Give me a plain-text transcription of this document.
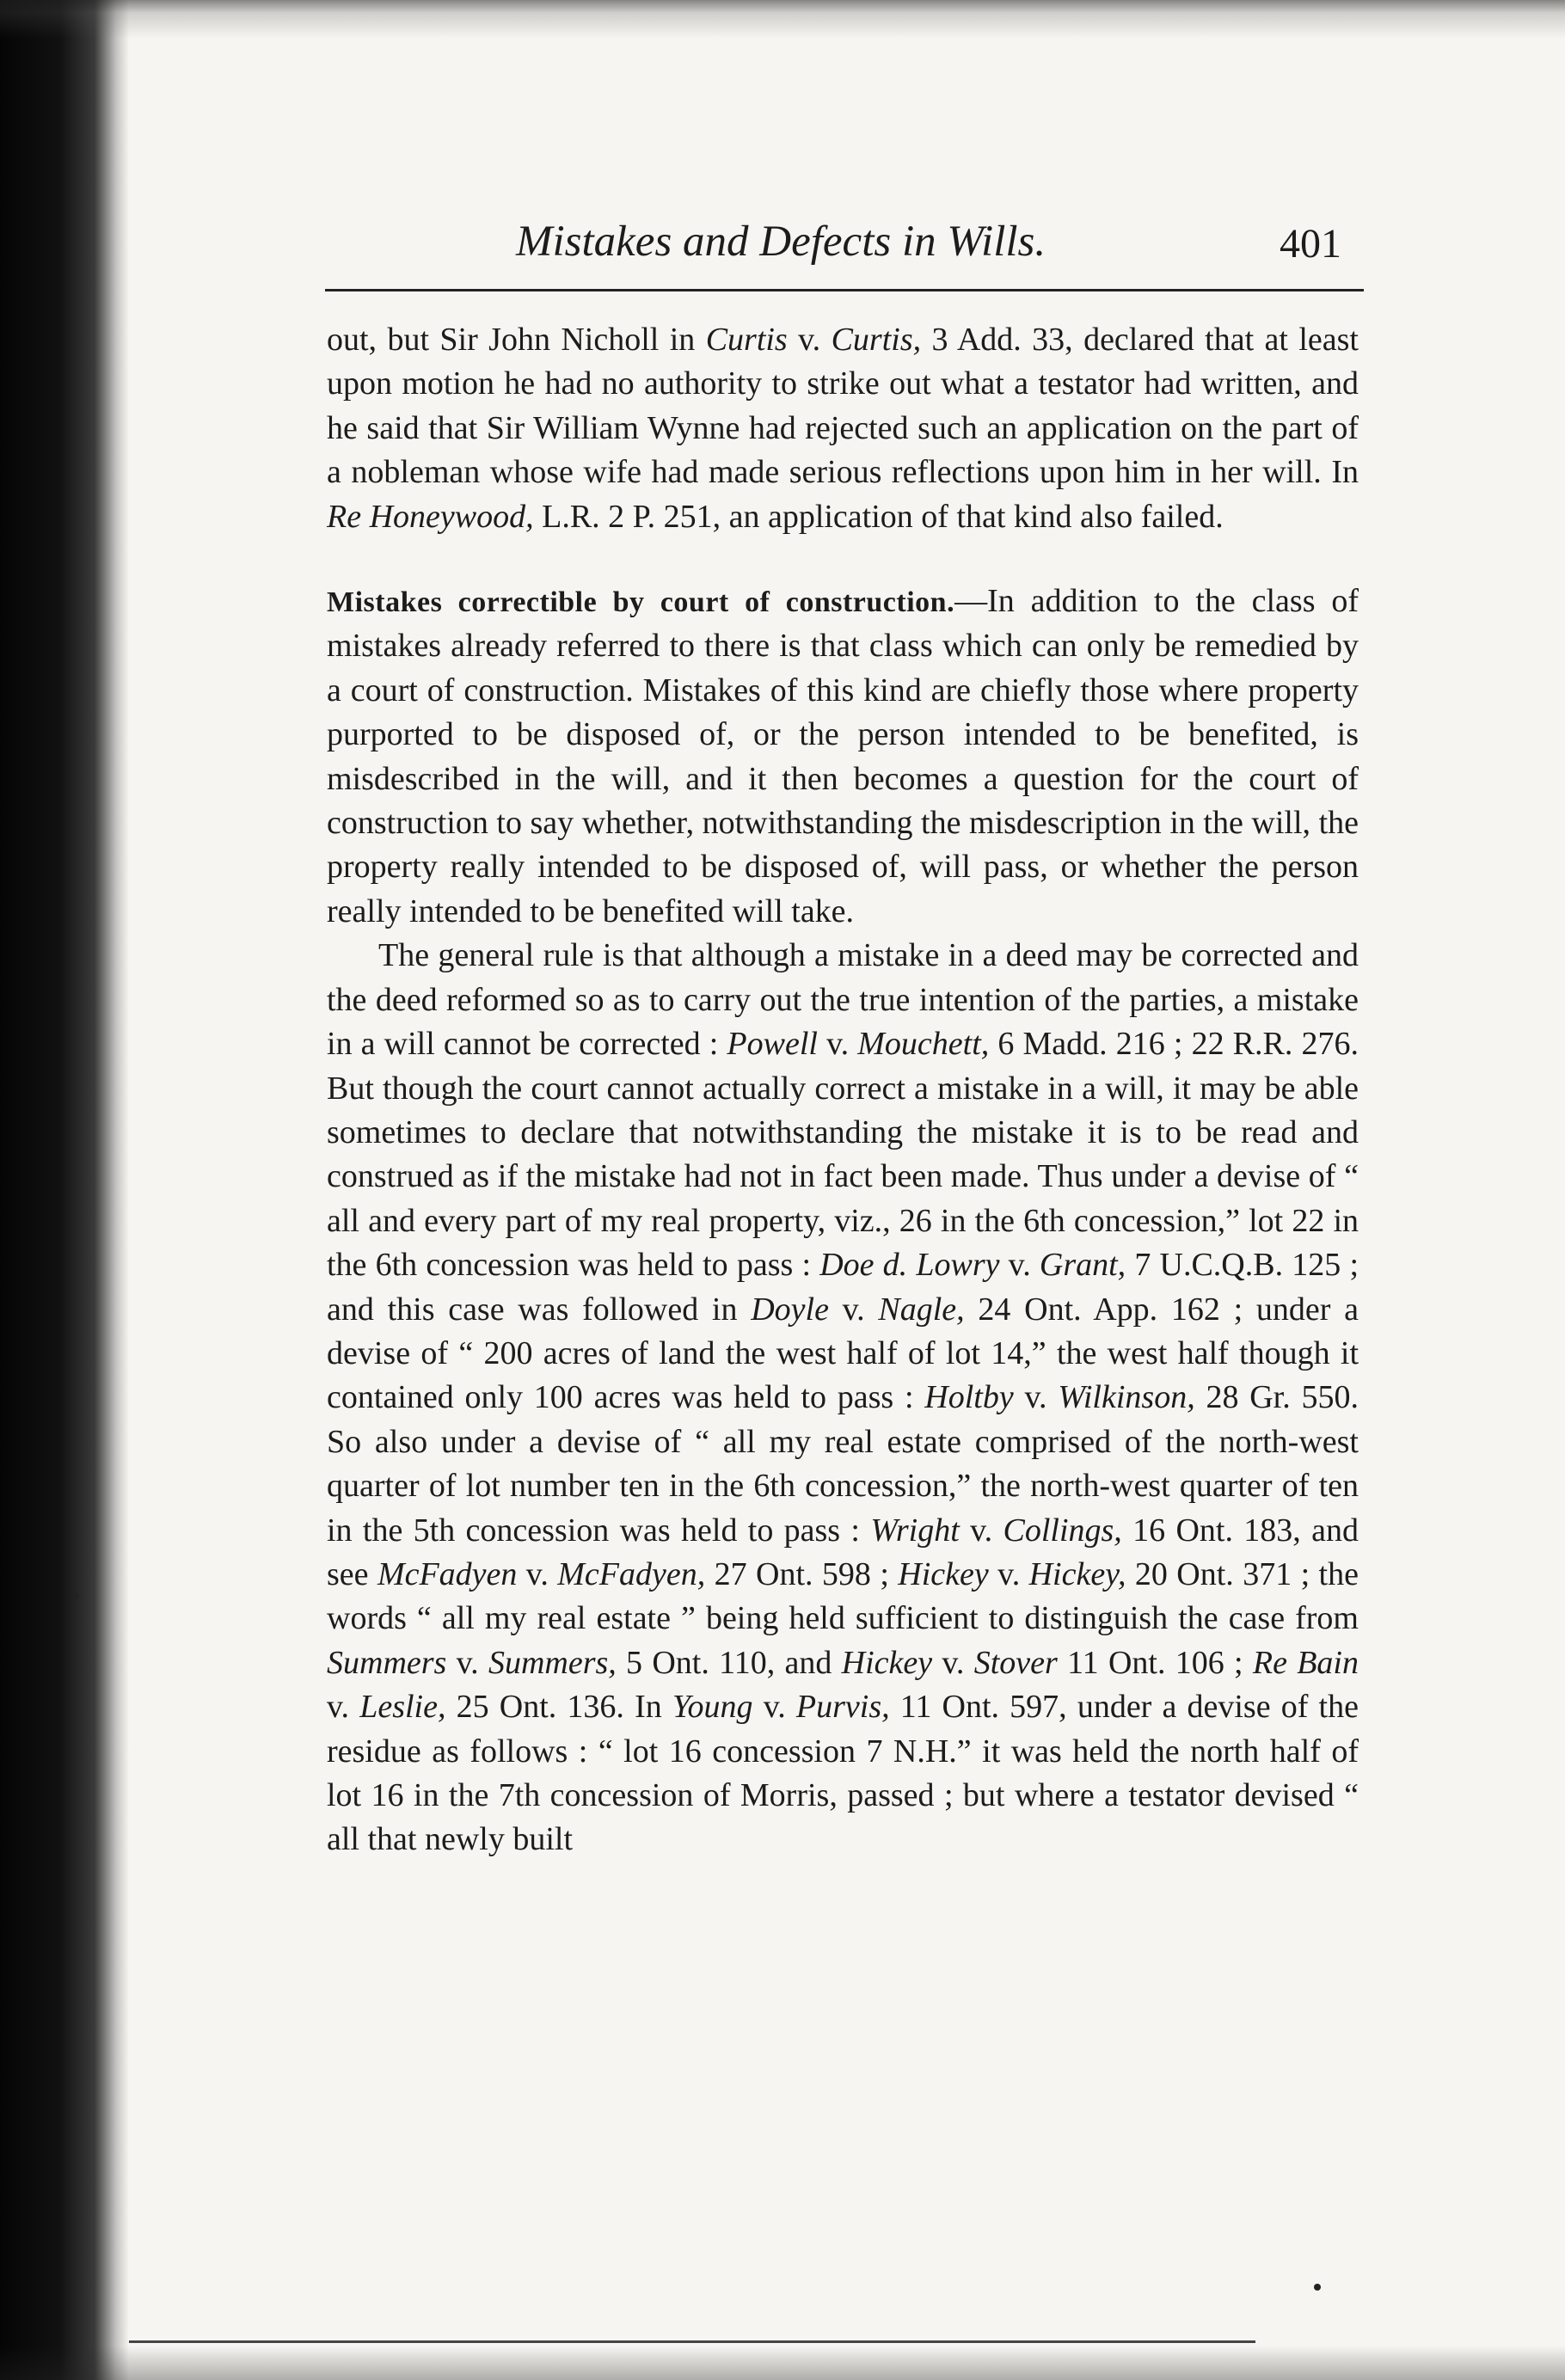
Mistakes and Defects in Wills.	401

out, but Sir John Nicholl in Curtis v. Curtis, 3 Add. 33, declared that at least upon motion he had no authority to strike out what a testator had written, and he said that Sir William Wynne had rejected such an application on the part of a nobleman whose wife had made serious reflections upon him in her will. In Re Honeywood, L.R. 2 P. 251, an application of that kind also failed.

Mistakes correctible by court of construction.—In addition to the class of mistakes already referred to there is that class which can only be remedied by a court of construction. Mistakes of this kind are chiefly those where property purported to be disposed of, or the person intended to be benefited, is misdescribed in the will, and it then becomes a question for the court of construction to say whether, notwithstanding the misdescription in the will, the property really intended to be disposed of, will pass, or whether the person really intended to be benefited will take.

The general rule is that although a mistake in a deed may be corrected and the deed reformed so as to carry out the true intention of the parties, a mistake in a will cannot be corrected : Powell v. Mouchett, 6 Madd. 216 ; 22 R.R. 276. But though the court cannot actually correct a mistake in a will, it may be able sometimes to declare that notwithstanding the mistake it is to be read and construed as if the mistake had not in fact been made. Thus under a devise of “ all and every part of my real property, viz., 26 in the 6th concession,” lot 22 in the 6th concession was held to pass : Doe d. Lowry v. Grant, 7 U.C.Q.B. 125 ; and this case was followed in Doyle v. Nagle, 24 Ont. App. 162 ; under a devise of “ 200 acres of land the west half of lot 14,” the west half though it contained only 100 acres was held to pass : Holtby v. Wilkinson, 28 Gr. 550. So also under a devise of “ all my real estate comprised of the north-west quarter of lot number ten in the 6th concession,” the north-west quarter of ten in the 5th concession was held to pass : Wright v. Collings, 16 Ont. 183, and see McFadyen v. McFadyen, 27 Ont. 598 ; Hickey v. Hickey, 20 Ont. 371 ; the words “ all my real estate ” being held sufficient to distinguish the case from Summers v. Summers, 5 Ont. 110, and Hickey v. Stover 11 Ont. 106 ; Re Bain v. Leslie, 25 Ont. 136. In Young v. Purvis, 11 Ont. 597, under a devise of the residue as follows : “ lot 16 concession 7 N.H.” it was held the north half of lot 16 in the 7th concession of Morris, passed ; but where a testator devised “ all that newly built
